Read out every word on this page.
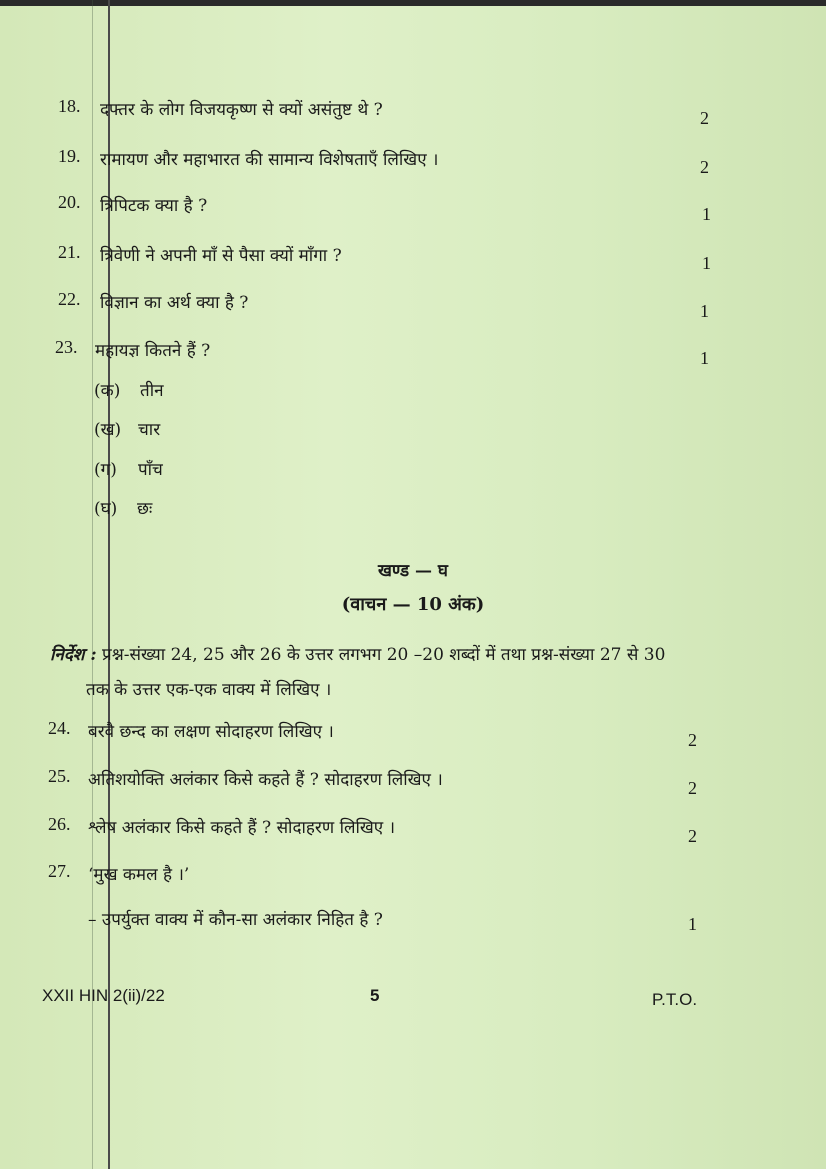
18. दफ्तर के लोग विजयकृष्ण से क्यों असंतुष्ट थे ?	2
19. रामायण और महाभारत की सामान्य विशेषताएँ लिखिए ।	2
20. त्रिपिटक क्या है ?	1
21. त्रिवेणी ने अपनी माँ से पैसा क्यों माँगा ?	1
22. विज्ञान का अर्थ क्या है ?	1
23. महायज्ञ कितने हैं ?	1
(क) तीन
(ख) चार
(ग) पाँच
(घ) छः
खण्ड — घ
(वाचन — 10 अंक)
निर्देश : प्रश्न-संख्या 24, 25 और 26 के उत्तर लगभग 20 –20 शब्दों में तथा प्रश्न-संख्या 27 से 30
तक के उत्तर एक-एक वाक्य में लिखिए ।
24. बरवै छन्द का लक्षण सोदाहरण लिखिए ।	2
25. अतिशयोक्ति अलंकार किसे कहते हैं ? सोदाहरण लिखिए ।	2
26. श्लेष अलंकार किसे कहते हैं ? सोदाहरण लिखिए ।	2
27. ‘मुख कमल है ।’
– उपर्युक्त वाक्य में कौन-सा अलंकार निहित है ?	1
XXII HIN 2(ii)/22	5	P.T.O.
